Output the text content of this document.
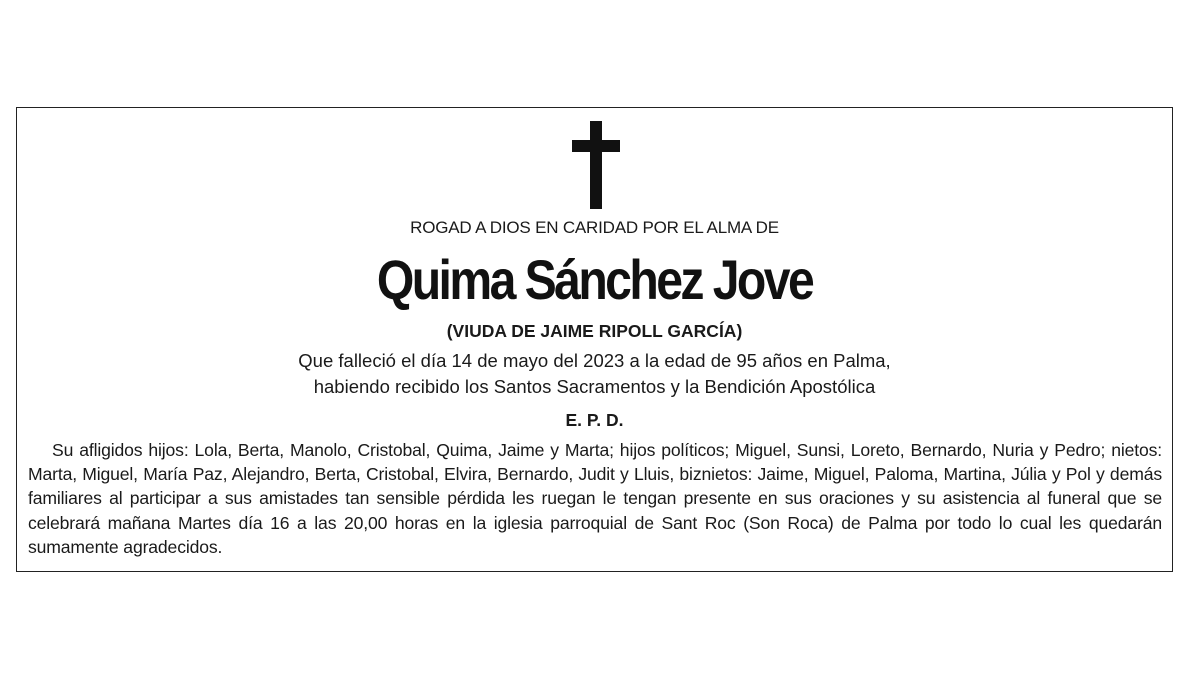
ROGAD A DIOS EN CARIDAD POR EL ALMA DE
Quima Sánchez Jove
(VIUDA DE JAIME RIPOLL GARCÍA)
Que falleció el día 14 de mayo del 2023 a la edad de 95 años en Palma,
habiendo recibido los Santos Sacramentos y la Bendición Apostólica
E. P. D.
Su afligidos hijos: Lola, Berta, Manolo, Cristobal, Quima, Jaime y Marta; hijos políticos; Miguel, Sunsi, Loreto, Bernardo, Nuria y Pedro; nietos: Marta, Miguel, María Paz, Alejandro, Berta, Cristobal, Elvira, Bernardo, Judit y Lluis, biznietos: Jaime, Miguel, Paloma, Martina, Júlia y Pol y demás familiares al participar a sus amistades tan sensible pérdida les ruegan le tengan presente en sus oraciones y su asistencia al funeral que se celebrará mañana Martes día 16 a las 20,00 horas en la iglesia parroquial de Sant Roc (Son Roca) de Palma por todo lo cual les quedarán sumamente agradecidos.
